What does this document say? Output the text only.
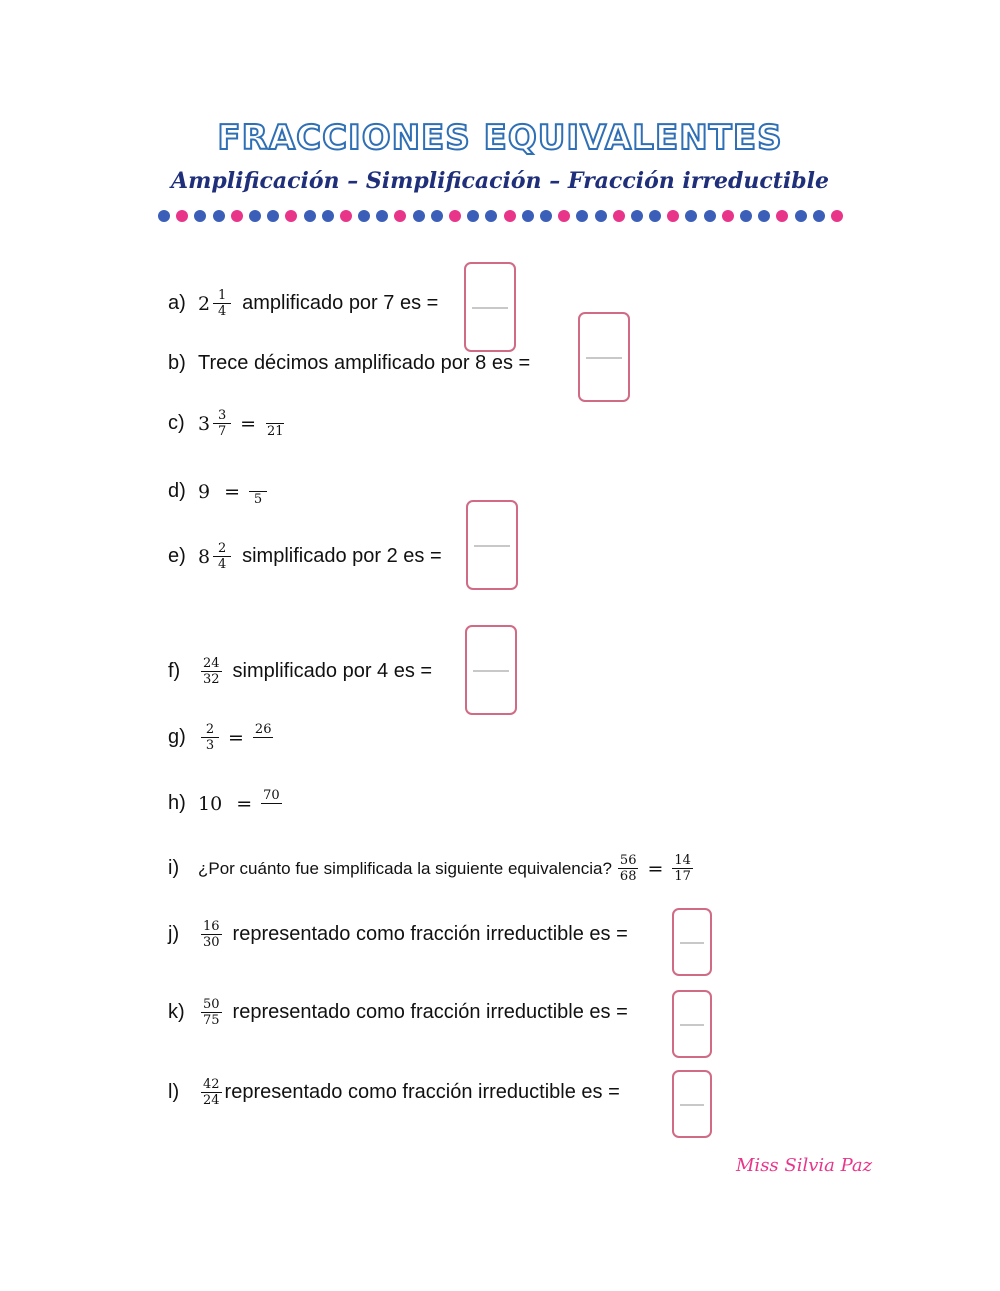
FRACCIONES EQUIVALENTES
Amplificación – Simplificación – Fracción irreductible
a) $2 \frac{1}{4}$ amplificado por 7 es =
b) Trece décimos amplificado por 8 es =
c) $3 \frac{3}{7} = 21$
d) 9 =	5
e) $8 \frac{2}{4}$ simplificado por 2 es =
f)	$\frac{24}{32}$ simplificado por 4 es =
g)	$\frac{2}{3} = 26$
h) 10 = 70
i)	¿Por cuánto fue simplificada la siguiente equivalencia? $\frac{56}{68} = \frac{14}{17}$
j)	$\frac{16}{30}$ representado como fracción irreductible es =
k)	$\frac{50}{75}$ representado como fracción irreductible es =
l)	$\frac{42}{24}$ representado como fracción irreductible es =
Miss Silvia Paz
